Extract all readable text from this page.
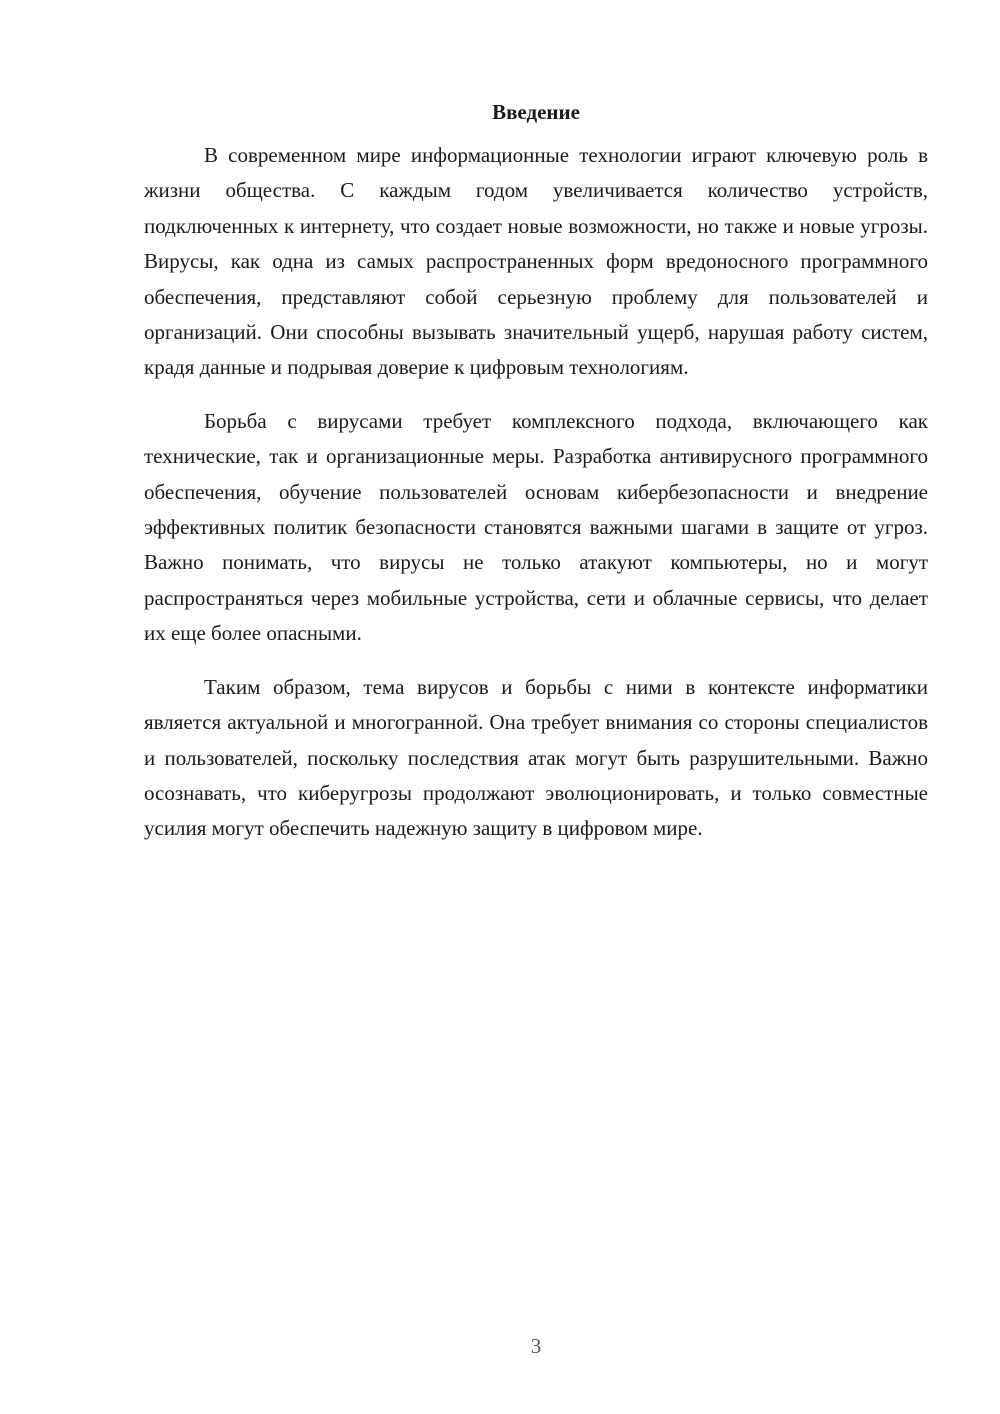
Введение

В современном мире информационные технологии играют ключевую роль в жизни общества. С каждым годом увеличивается количество устройств, подключенных к интернету, что создает новые возможности, но также и новые угрозы. Вирусы, как одна из самых распространенных форм вредоносного программного обеспечения, представляют собой серьезную проблему для пользователей и организаций. Они способны вызывать значительный ущерб, нарушая работу систем, крадя данные и подрывая доверие к цифровым технологиям.

Борьба с вирусами требует комплексного подхода, включающего как технические, так и организационные меры. Разработка антивирусного программного обеспечения, обучение пользователей основам кибербезопасности и внедрение эффективных политик безопасности становятся важными шагами в защите от угроз. Важно понимать, что вирусы не только атакуют компьютеры, но и могут распространяться через мобильные устройства, сети и облачные сервисы, что делает их еще более опасными.

Таким образом, тема вирусов и борьбы с ними в контексте информатики является актуальной и многогранной. Она требует внимания со стороны специалистов и пользователей, поскольку последствия атак могут быть разрушительными. Важно осознавать, что киберугрозы продолжают эволюционировать, и только совместные усилия могут обеспечить надежную защиту в цифровом мире.

3
